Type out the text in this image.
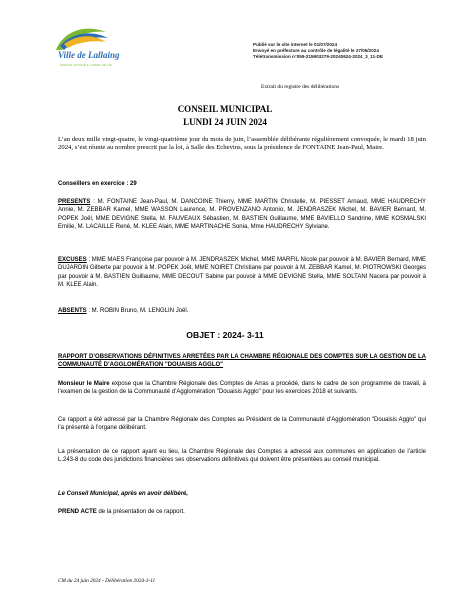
Ville de Lallaing
ESPACE NATURE & CADRE DE VIE
Publié sur le site internet le 01/07/2024
Envoyé en préfecture au contrôle de légalité le 27/06/2024
Télétransmission n°059-215903279-20240624-2024_3_11-DE
Extrait du registre des délibérations
CONSEIL MUNICIPAL
LUNDI 24 JUIN 2024
L’an deux mille vingt-quatre, le vingt-quatrième jour du mois de juin, l’assemblée délibérante régulièrement convoquée, le mardi 18 juin 2024, s’est réunie au nombre prescrit par la loi, à Salle des Echevins, sous la présidence de FONTAINE Jean-Paul, Maire.
Conseillers en exercice : 29
PRESENTS : M. FONTAINE Jean-Paul, M. DANCOINE Thierry, MME MARTIN Christelle, M. PIESSET Arnaud, MME HAUDRECHY Annie, M. ZEBBAR Kamel, MME WASSON Laurence, M. PROVENZANO Antonio, M. JENDRASZEK Michel, M. BAVIER Bernard, M. POPEK Joël, MME DEVIGNE Stella, M. FAUVEAUX Sébastien, M. BASTIEN Guillaume, MME BAVIELLO Sandrine, MME KOSMALSKI Emilie, M. LACAILLE René, M. KLEE Alain, MME MARTINACHE Sonia, Mme HAUDRECHY Sylviane.
EXCUSES : MME MAES Françoise par pouvoir à M. JENDRASZEK Michel, MME MARFIL Nicole par pouvoir à M. BAVIER Bernard, MME DUJARDIN Gilberte par pouvoir à M. POPEK Joël, MME NOIRET Christiane par pouvoir à M. ZEBBAR Kamel, M. PIOTROWSKI Georges par pouvoir à M. BASTIEN Guillaume, MME DECOUT Sabine par pouvoir à MME DEVIGNE Stella, MME SOLTANI Nacera par pouvoir à M. KLEE Alain.
ABSENTS : M. ROBIN Bruno, M. LENGLIN Joël.
OBJET : 2024- 3-11
RAPPORT D’OBSERVATIONS DÉFINITIVES ARRETÉES PAR LA CHAMBRE RÉGIONALE DES COMPTES SUR LA GESTION DE LA COMMUNAUTÉ D’AGGLOMÉRATION "DOUAISIS AGGLO"
Monsieur le Maire expose que la Chambre Régionale des Comptes de Arras a procédé, dans le cadre de son programme de travail, à l’examen de la gestion de la Communauté d’Agglomération "Douaisis Agglo" pour les exercices 2018 et suivants.
Ce rapport a été adressé par la Chambre Régionale des Comptes au Président de la Communauté d’Agglomération "Douaisis Agglo" qui l’a présenté à l’organe délibérant.
La présentation de ce rapport ayant eu lieu, la Chambre Régionale des Comptes a adressé aux communes en application de l’article L.243-8 du code des juridictions financières ses observations définitives qui doivent être présentées au conseil municipal.
Le Conseil Municipal, après en avoir délibéré,
PREND ACTE de la présentation de ce rapport.
CM du 24 juin 2024 - Délibération 2024-3-11
